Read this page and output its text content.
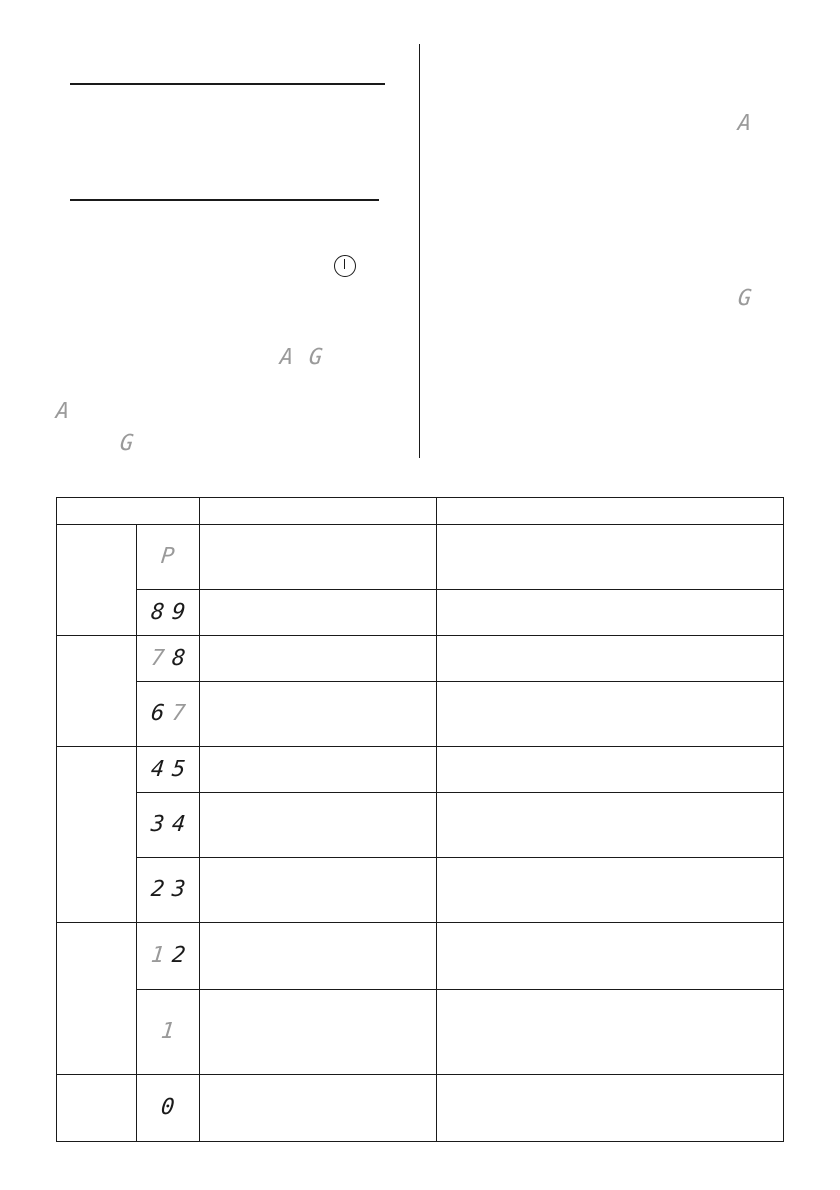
A G
A
G
A
G

	P		

	8 9		

	7 8		

	6 7		

	4 5		

	3 4		

	2 3		

	1 2		

	1		

	0		
